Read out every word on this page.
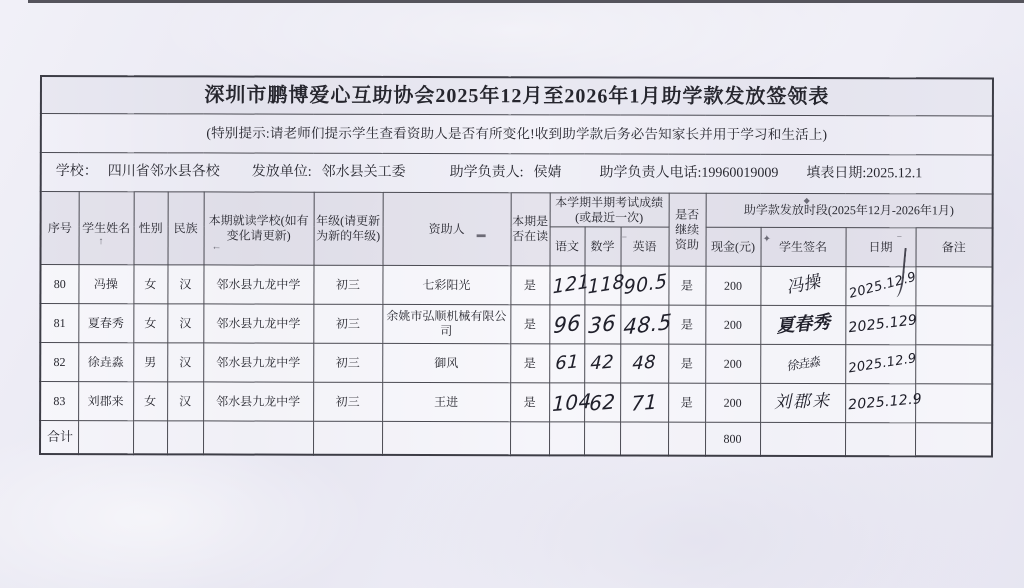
深圳市鹏博爱心互助协会2025年12月至2026年1月助学款发放签领表															
(特别提示:请老师们提示学生查看资助人是否有所变化!收到助学款后务必告知家长并用于学习和生活上)															
学校： 四川省邻水县各校 发放单位: 邻水县关工委 助学负责人: 侯婧 助学负责人电话:19960019009 填表日期:2025.12.1															
序号	学生姓名	性别	民族	本期就读学校(如有变化请更新)	年级(请更新为新的年级)	资助人	本期是否在读	本学期半期考试成绩(或最近一次)			是否继续资助	助学款发放时段(2025年12月-2026年1月)			
								语文	数学	英语		现金(元)	学生签名	日期	备注
80	冯操	女	汉	邻水县九龙中学	初三	七彩阳光	是	121	118	90.5	是	200	冯操	2025.12.9	
81	夏春秀	女	汉	邻水县九龙中学	初三	余姚市弘顺机械有限公司	是	96	36	48.5	是	200	夏春秀	2025.129	
82	徐垚淼	男	汉	邻水县九龙中学	初三	御风	是	61	42	48	是	200	徐垚淼	2025.12.9	
83	刘郡来	女	汉	邻水县九龙中学	初三	王进	是	104	62	71	是	200	刘郡来	2025.12.9	
合计												800			
◆
↑	←
▬
‾	✦	‾
